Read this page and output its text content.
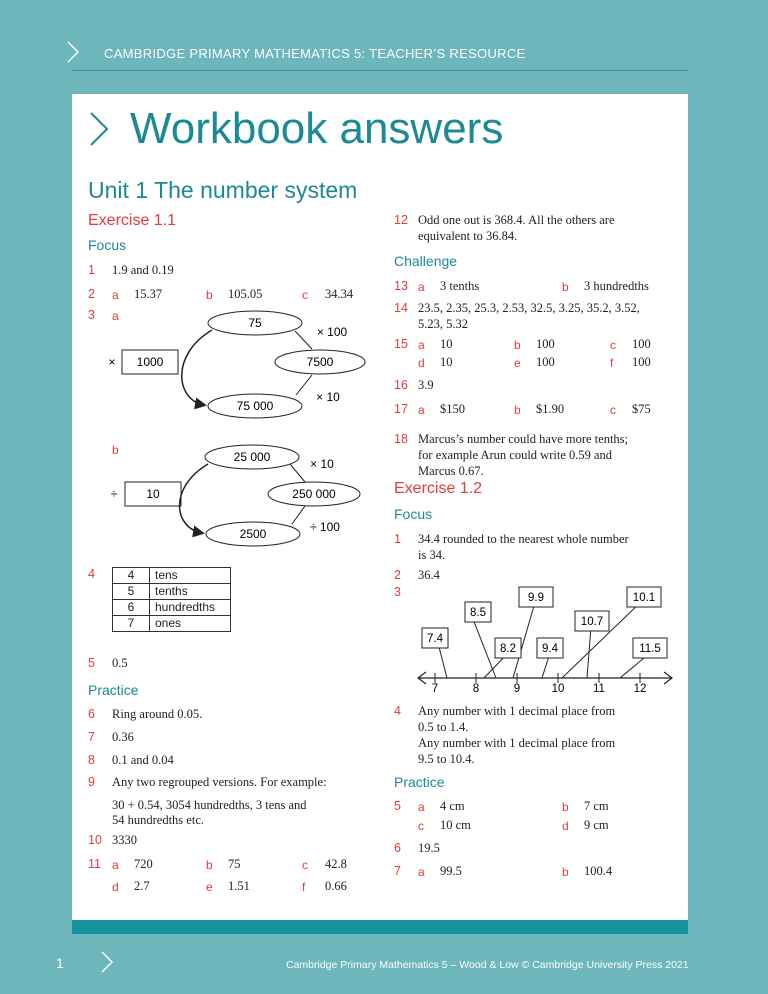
CAMBRIDGE PRIMARY MATHEMATICS 5: TEACHER’S RESOURCE
Workbook answers
Unit 1 The number system
Exercise 1.1
Focus
1 1.9 and 0.19
2 a 15.37	b 105.05	c 34.34
3 a	75
7500
75 000
1000
×
× 100
× 10
b	25 000
250 000
2500
10
÷
× 10
÷ 100
4	4	tens
5	tenths
6	hundredths
7	ones
5 0.5
Practice
6 Ring around 0.05.
7 0.36
8 0.1 and 0.04
9 Any two regrouped versions. For example:
30 + 0.54, 3054 hundredths, 3 tens and
54 hundredths etc.
10 3330
11 a 720	b 75	c 42.8
d 2.7	e 1.51	f 0.66
12 Odd one out is 368.4. All the others are
equivalent to 36.84.
Challenge
13 a 3 tenths	b 3 hundredths
14 23.5, 2.35, 25.3, 2.53, 32.5, 3.25, 35.2, 3.52,
5.23, 5.32
15 a 10	b 100	c 100
d 10	e 100	f 100
16 3.9
17 a $150	b $1.90	c $75
18 Marcus’s number could have more tenths;
for example Arun could write 0.59 and
Marcus 0.67.
Exercise 1.2
Focus
1 34.4 rounded to the nearest whole number
is 34.
2 36.4
3
7	8	9	10 11 12
9.9	10.1
8.5
10.7
7.4
8.2 9.4	11.5
4 Any number with 1 decimal place from
0.5 to 1.4.
Any number with 1 decimal place from
9.5 to 10.4.
Practice
5 a 4 cm	b 7 cm
c 10 cm	d 9 cm
6 19.5
7 a 99.5	b 100.4
1	Cambridge Primary Mathematics 5 – Wood & Low © Cambridge University Press 2021
